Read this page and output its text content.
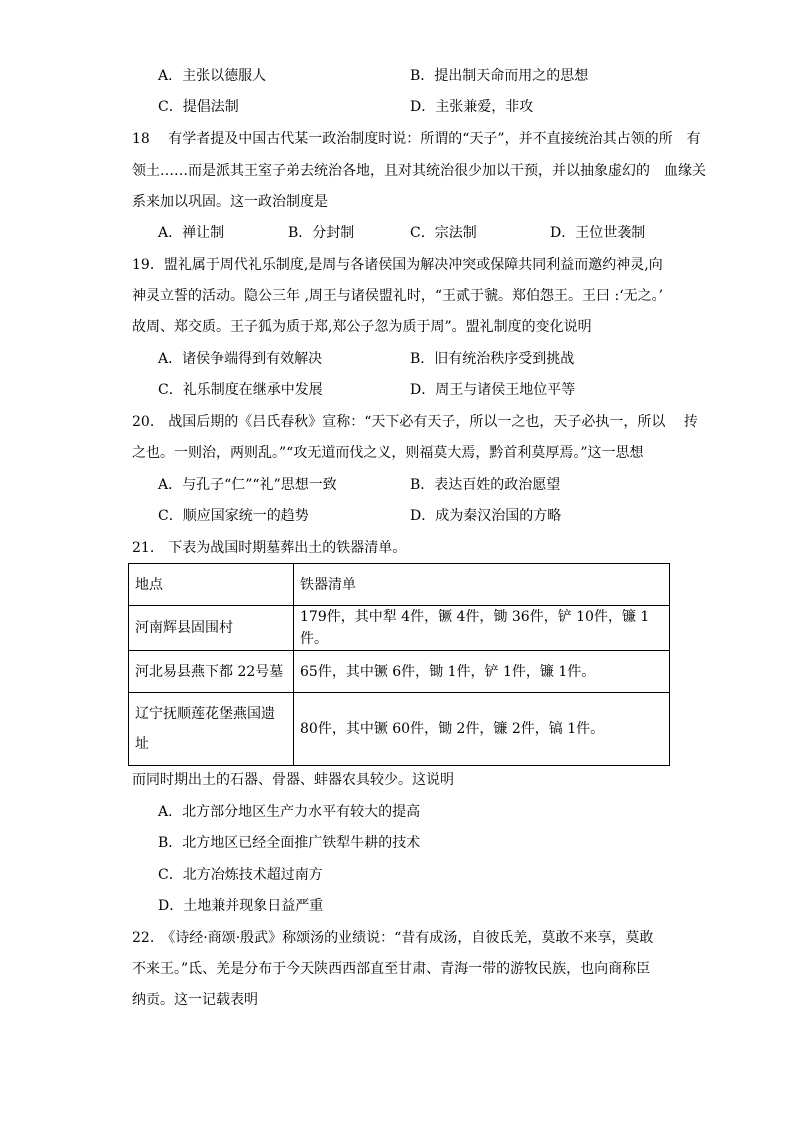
A．主张以德服人	B．提出制天命而用之的思想
C．提倡法制	D．主张兼爱，非攻
18　 有学者提及中国古代某一政治制度时说：所谓的“天子”，并不直接统治其占领的所　有
领土……而是派其王室子弟去统治各地，且对其统治很少加以干预，并以抽象虚幻的　血缘关
系来加以巩固。这一政治制度是
A．禅让制	B．分封制	C．宗法制	D．王位世袭制
19．盟礼属于周代礼乐制度,是周与各诸侯国为解决冲突或保障共同利益而邀约神灵,向
神灵立誓的活动。隐公三年 ,周王与诸侯盟礼时，“王贰于虢。郑伯怨王。王曰 :‘无之。’
故周、郑交质。王子狐为质于郑,郑公子忽为质于周”。盟礼制度的变化说明
A．诸侯争端得到有效解决	B．旧有统治秩序受到挑战
C．礼乐制度在继承中发展	D．周王与诸侯王地位平等
20.　战国后期的《吕氏春秋》宣称：“天下必有天子，所以一之也，天子必执一，所以　 抟
之也。一则治，两则乱。”“攻无道而伐之义，则福莫大焉，黔首利莫厚焉。”这一思想
A．与孔子“仁”“礼”思想一致	B．表达百姓的政治愿望
C．顺应国家统一的趋势	D．成为秦汉治国的方略
21.　下表为战国时期墓葬出土的铁器清单。
地点	铁器清单
河南辉县固围村	179件，其中犁 4件，镢 4件，锄 36件，铲 10件，镰 1件。
河北易县燕下都 22号墓	65件，其中镢 6件，锄 1件，铲 1件，镰 1件。
辽宁抚顺莲花堡燕国遗址	80件，其中镢 60件，锄 2件，镰 2件，镐 1件。
而同时期出土的石器、骨器、蚌器农具较少。这说明
A．北方部分地区生产力水平有较大的提高
B．北方地区已经全面推广铁犁牛耕的技术
C．北方冶炼技术超过南方
D．土地兼并现象日益严重
22.　《诗经·商颂·殷武》称颂汤的业绩说：“昔有成汤，自彼氐羌，莫敢不来享，莫敢
不来王。”氐、羌是分布于今天陕西西部直至甘肃、青海一带的游牧民族，也向商称臣
纳贡。这一记载表明
